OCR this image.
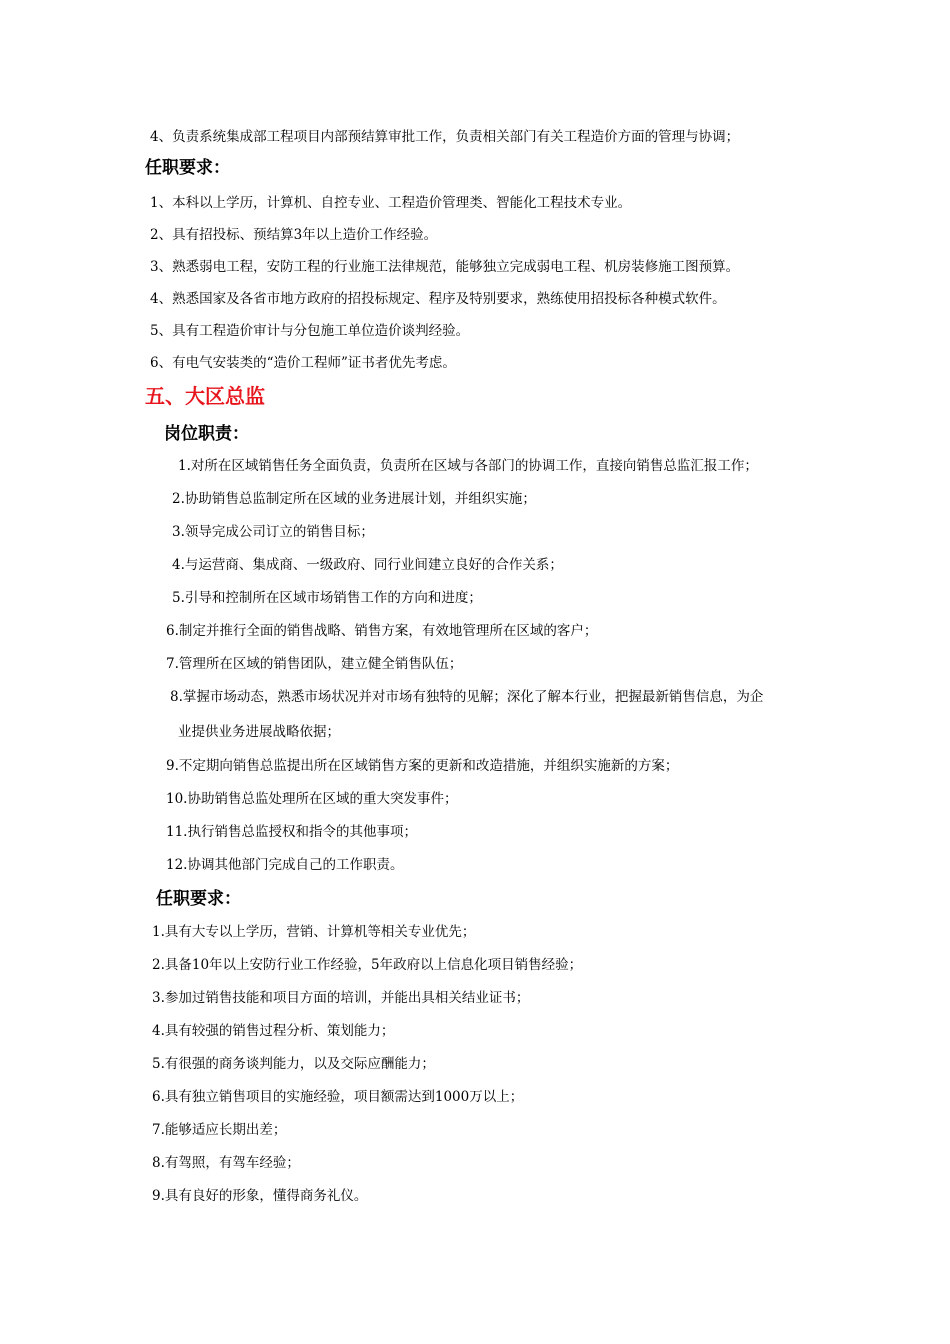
4、负责系统集成部工程项目内部预结算审批工作，负责相关部门有关工程造价方面的管理与协调；
任职要求：
1、本科以上学历，计算机、自控专业、工程造价管理类、智能化工程技术专业。
2、具有招投标、预结算3年以上造价工作经验。
3、熟悉弱电工程，安防工程的行业施工法律规范，能够独立完成弱电工程、机房装修施工图预算。
4、熟悉国家及各省市地方政府的招投标规定、程序及特别要求，熟练使用招投标各种模式软件。
5、具有工程造价审计与分包施工单位造价谈判经验。
6、有电气安装类的“造价工程师”证书者优先考虑。
五、大区总监
岗位职责：
1.对所在区域销售任务全面负责，负责所在区域与各部门的协调工作，直接向销售总监汇报工作；
2.协助销售总监制定所在区域的业务进展计划，并组织实施；
3.领导完成公司订立的销售目标；
4.与运营商、集成商、一级政府、同行业间建立良好的合作关系；
5.引导和控制所在区域市场销售工作的方向和进度；
6.制定并推行全面的销售战略、销售方案，有效地管理所在区域的客户；
7.管理所在区域的销售团队，建立健全销售队伍；
8.掌握市场动态，熟悉市场状况并对市场有独特的见解；深化了解本行业，把握最新销售信息，为企
业提供业务进展战略依据；
9.不定期向销售总监提出所在区域销售方案的更新和改造措施，并组织实施新的方案；
10.协助销售总监处理所在区域的重大突发事件；
11.执行销售总监授权和指令的其他事项；
12.协调其他部门完成自己的工作职责。
任职要求：
1.具有大专以上学历，营销、计算机等相关专业优先；
2.具备10年以上安防行业工作经验，5年政府以上信息化项目销售经验；
3.参加过销售技能和项目方面的培训，并能出具相关结业证书；
4.具有较强的销售过程分析、策划能力；
5.有很强的商务谈判能力，以及交际应酬能力；
6.具有独立销售项目的实施经验，项目额需达到1000万以上；
7.能够适应长期出差；
8.有驾照，有驾车经验；
9.具有良好的形象，懂得商务礼仪。
